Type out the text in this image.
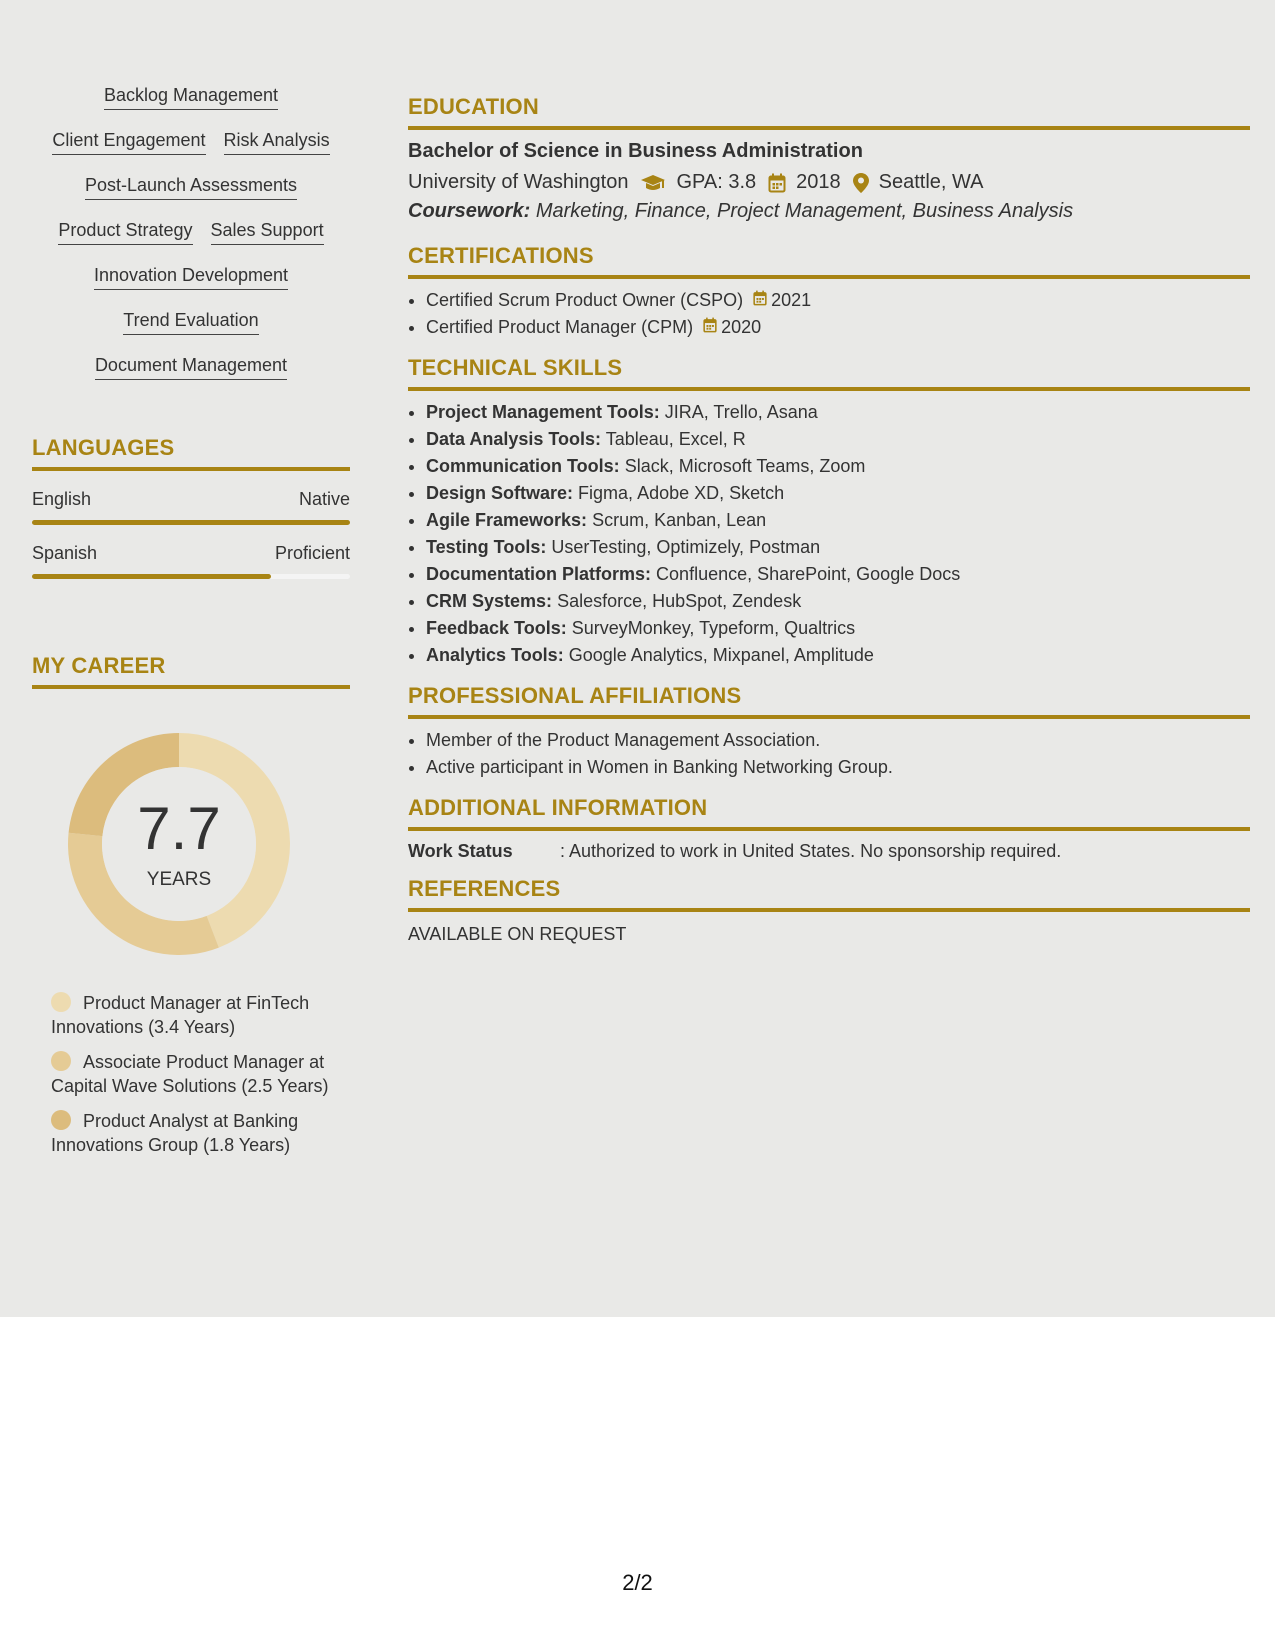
Backlog Management
Client Engagement Risk Analysis
Post-Launch Assessments
Product Strategy Sales Support
Innovation Development
Trend Evaluation
Document Management
LANGUAGES
English	Native
Spanish	Proficient
MY CAREER
7.7
YEARS
Product Manager at FinTech Innovations (3.4 Years)
Associate Product Manager at Capital Wave Solutions (2.5 Years)
Product Analyst at Banking Innovations Group (1.8 Years)
EDUCATION
Bachelor of Science in Business Administration
University of Washington GPA: 3.8 2018 Seattle, WA
Coursework: Marketing, Finance, Project Management, Business Analysis
CERTIFICATIONS
• Certified Scrum Product Owner (CSPO) 2021
• Certified Product Manager (CPM) 2020
TECHNICAL SKILLS
• Project Management Tools: JIRA, Trello, Asana
• Data Analysis Tools: Tableau, Excel, R
• Communication Tools: Slack, Microsoft Teams, Zoom
• Design Software: Figma, Adobe XD, Sketch
• Agile Frameworks: Scrum, Kanban, Lean
• Testing Tools: UserTesting, Optimizely, Postman
• Documentation Platforms: Confluence, SharePoint, Google Docs
• CRM Systems: Salesforce, HubSpot, Zendesk
• Feedback Tools: SurveyMonkey, Typeform, Qualtrics
• Analytics Tools: Google Analytics, Mixpanel, Amplitude
PROFESSIONAL AFFILIATIONS
• Member of the Product Management Association.
• Active participant in Women in Banking Networking Group.
ADDITIONAL INFORMATION
Work Status	: Authorized to work in United States. No sponsorship required.
REFERENCES
AVAILABLE ON REQUEST
2/2
